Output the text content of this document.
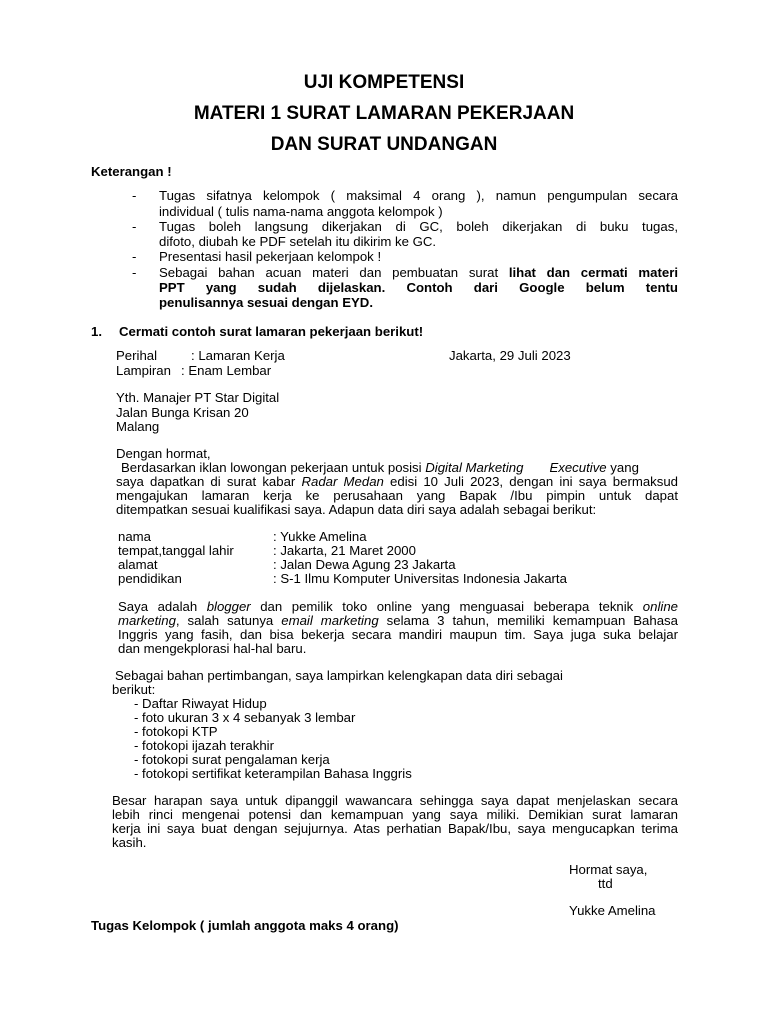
UJI KOMPETENSI
MATERI 1 SURAT LAMARAN PEKERJAAN
DAN SURAT UNDANGAN
Keterangan !
- Tugas sifatnya kelompok ( maksimal 4 orang ), namun pengumpulan secara
individual ( tulis nama-nama anggota kelompok )
- Tugas boleh langsung dikerjakan di GC, boleh dikerjakan di buku tugas,
difoto, diubah ke PDF setelah itu dikirim ke GC.
- Presentasi hasil pekerjaan kelompok !
- Sebagai bahan acuan materi dan pembuatan surat lihat dan cermati materi
PPT yang sudah dijelaskan. Contoh dari Google belum tentu
penulisannya sesuai dengan EYD.
1. Cermati contoh surat lamaran pekerjaan berikut!
Perihal	: Lamaran Kerja	Jakarta, 29 Juli 2023
Lampiran : Enam Lembar
Yth. Manajer PT Star Digital
Jalan Bunga Krisan 20
Malang
Dengan hormat,
Berdasarkan iklan lowongan pekerjaan untuk posisi Digital Marketing Executive yang
saya dapatkan di surat kabar Radar Medan edisi 10 Juli 2023, dengan ini saya bermaksud
mengajukan lamaran kerja ke perusahaan yang Bapak /Ibu pimpin untuk dapat
ditempatkan sesuai kualifikasi saya. Adapun data diri saya adalah sebagai berikut:
nama	: Yukke Amelina
tempat,tanggal lahir	: Jakarta, 21 Maret 2000
alamat	: Jalan Dewa Agung 23 Jakarta
pendidikan	: S-1 Ilmu Komputer Universitas Indonesia Jakarta
Saya adalah blogger dan pemilik toko online yang menguasai beberapa teknik online
marketing, salah satunya email marketing selama 3 tahun, memiliki kemampuan Bahasa
Inggris yang fasih, dan bisa bekerja secara mandiri maupun tim. Saya juga suka belajar
dan mengekplorasi hal-hal baru.
Sebagai bahan pertimbangan, saya lampirkan kelengkapan data diri sebagai
berikut:
- Daftar Riwayat Hidup
- foto ukuran 3 x 4 sebanyak 3 lembar
- fotokopi KTP
- fotokopi ijazah terakhir
- fotokopi surat pengalaman kerja
- fotokopi sertifikat keterampilan Bahasa Inggris
Besar harapan saya untuk dipanggil wawancara sehingga saya dapat menjelaskan secara
lebih rinci mengenai potensi dan kemampuan yang saya miliki. Demikian surat lamaran
kerja ini saya buat dengan sejujurnya. Atas perhatian Bapak/Ibu, saya mengucapkan terima
kasih.
Hormat saya,
ttd
Yukke Amelina
Tugas Kelompok ( jumlah anggota maks 4 orang)
